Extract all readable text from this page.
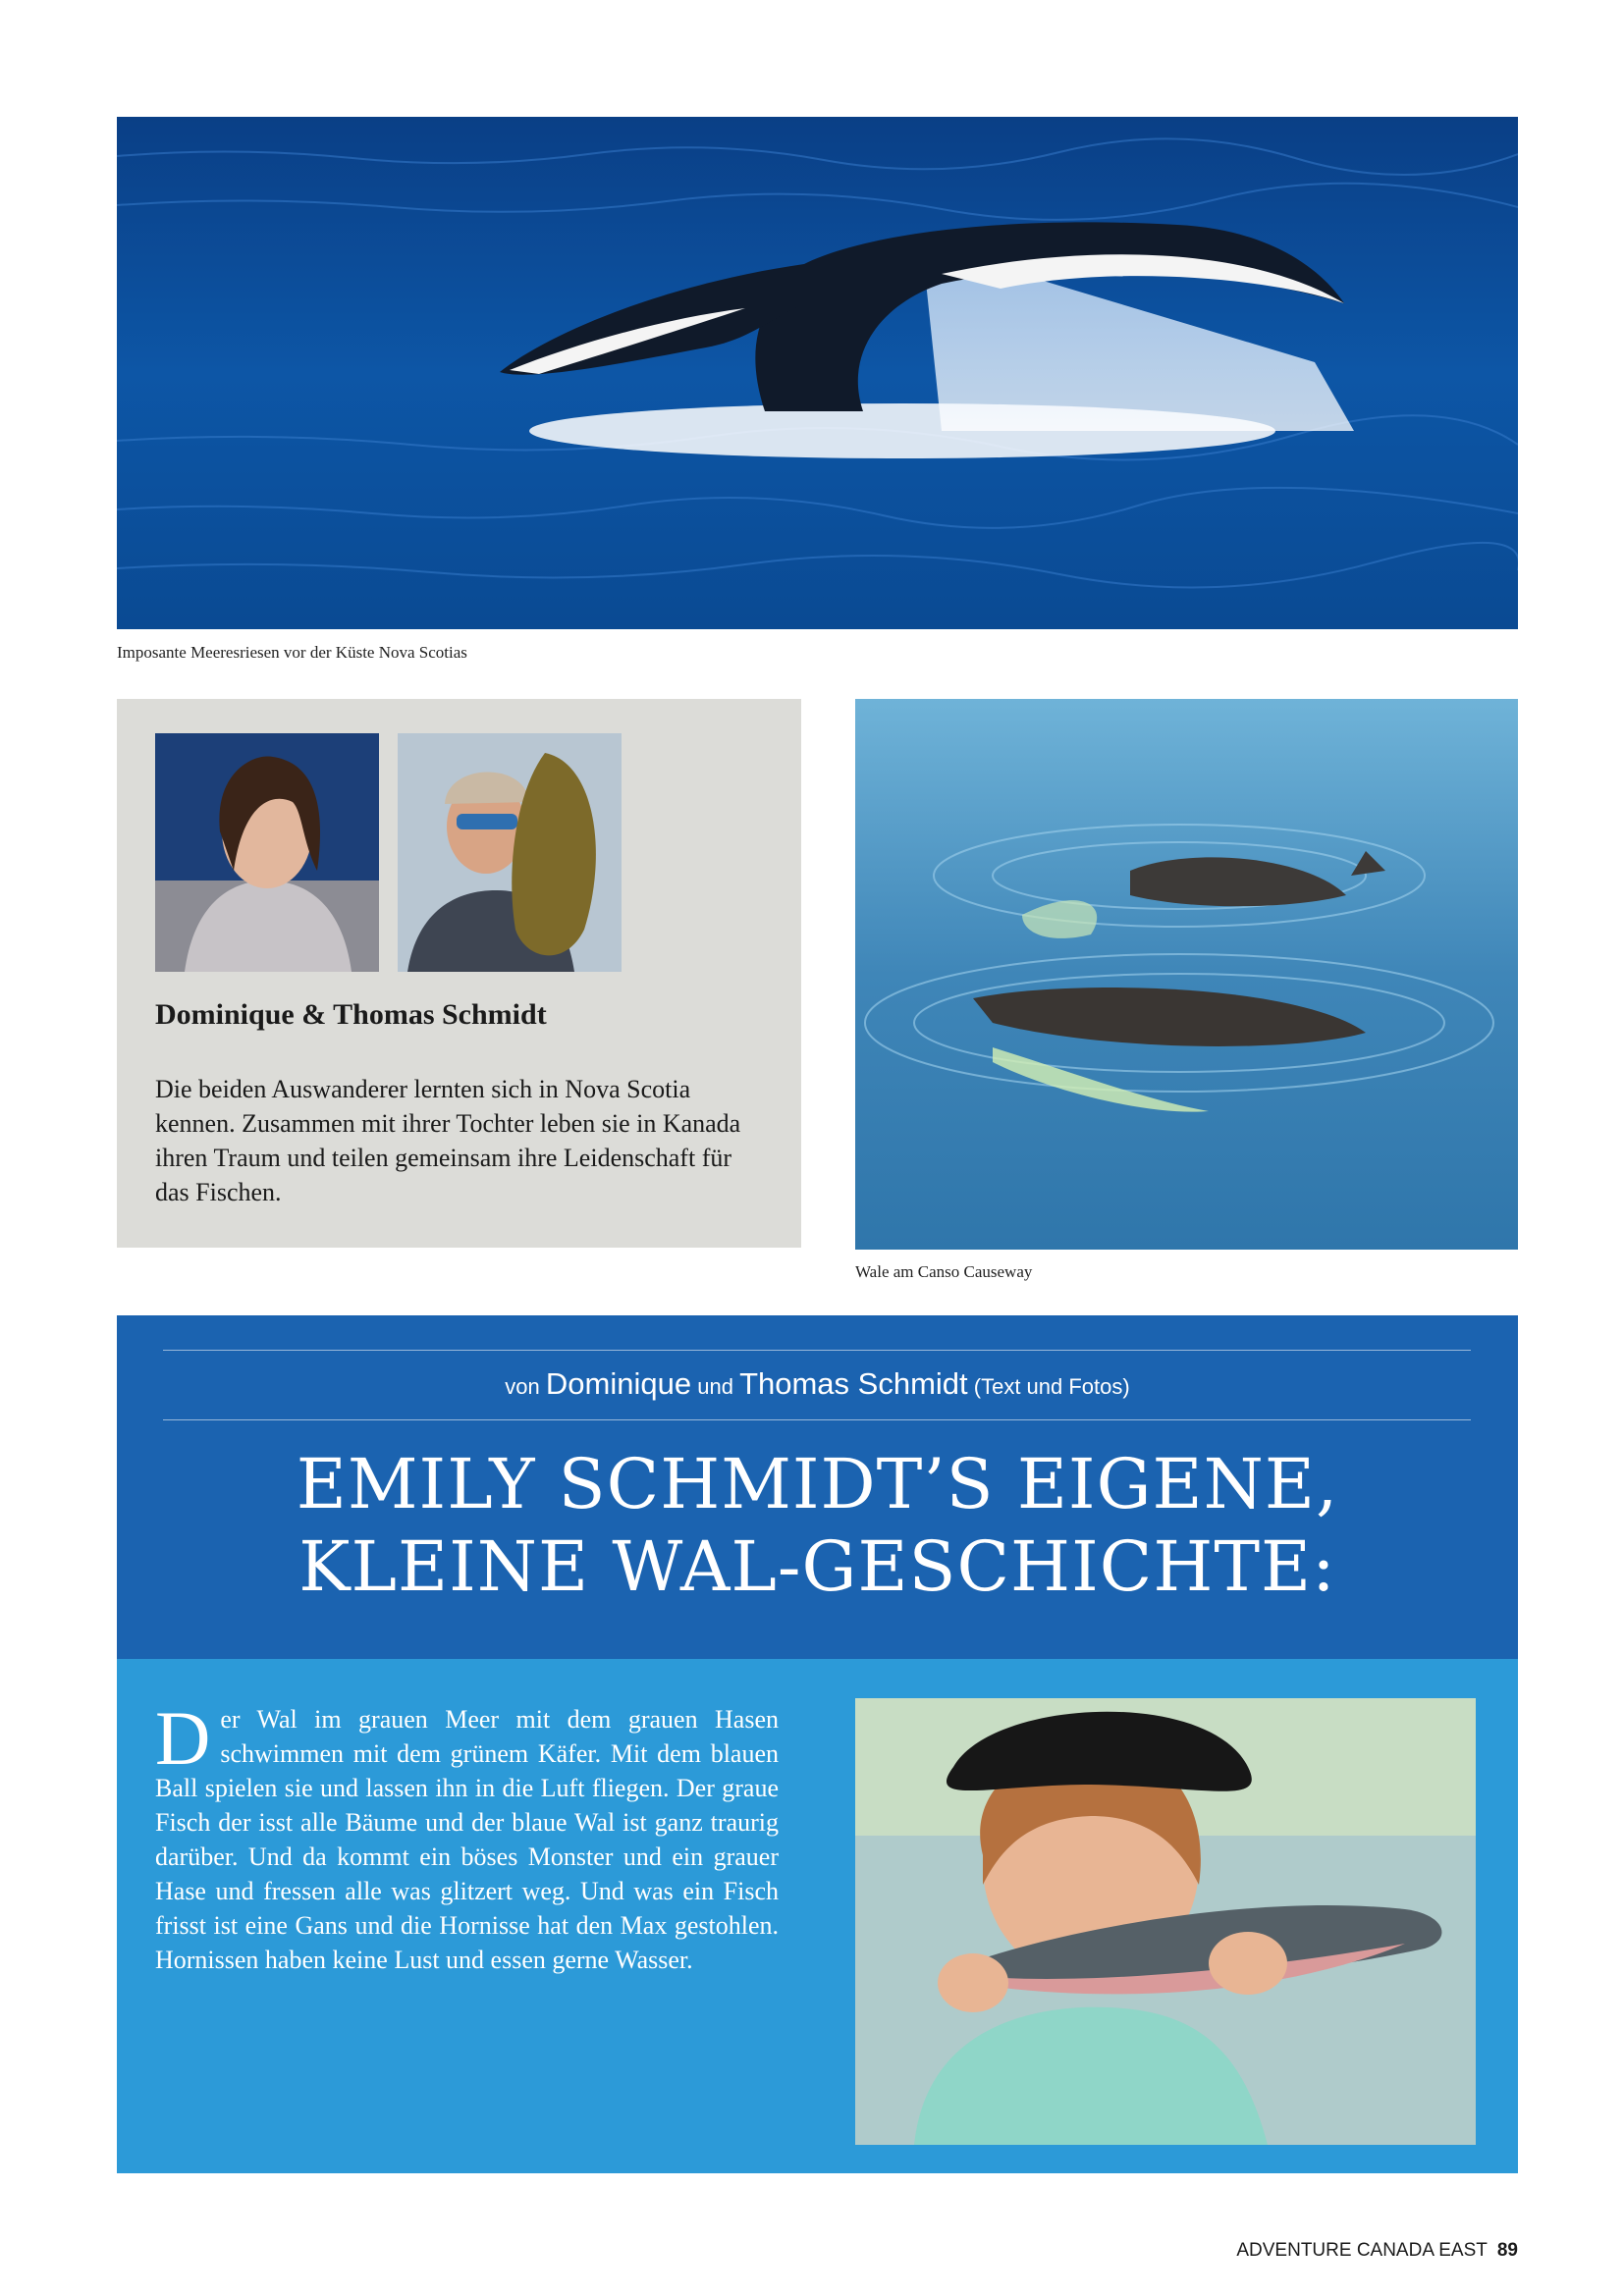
Imposante Meeresriesen vor der Küste Nova Scotias
Dominique & Thomas Schmidt
Die beiden Auswanderer lernten sich in Nova Scotia kennen. Zusammen mit ihrer Tochter leben sie in Kanada ihren Traum und teilen gemeinsam ihre Leidenschaft für das Fischen.
Wale am Canso Causeway
von Dominique und Thomas Schmidt (Text und Fotos)
EMILY SCHMIDT’S EIGENE,
KLEINE WAL-GESCHICHTE:
Der Wal im grauen Meer mit dem grauen Hasen schwimmen mit dem grünem Käfer. Mit dem blauen Ball spielen sie und lassen ihn in die Luft fliegen. Der graue Fisch der isst alle Bäume und der blaue Wal ist ganz traurig darüber. Und da kommt ein böses Monster und ein grauer Hase und fressen alle was glitzert weg. Und was ein Fisch frisst ist eine Gans und die Hornisse hat den Max gestohlen. Hornissen haben keine Lust und essen gerne Wasser.
ADVENTURE CANADA EAST 89
